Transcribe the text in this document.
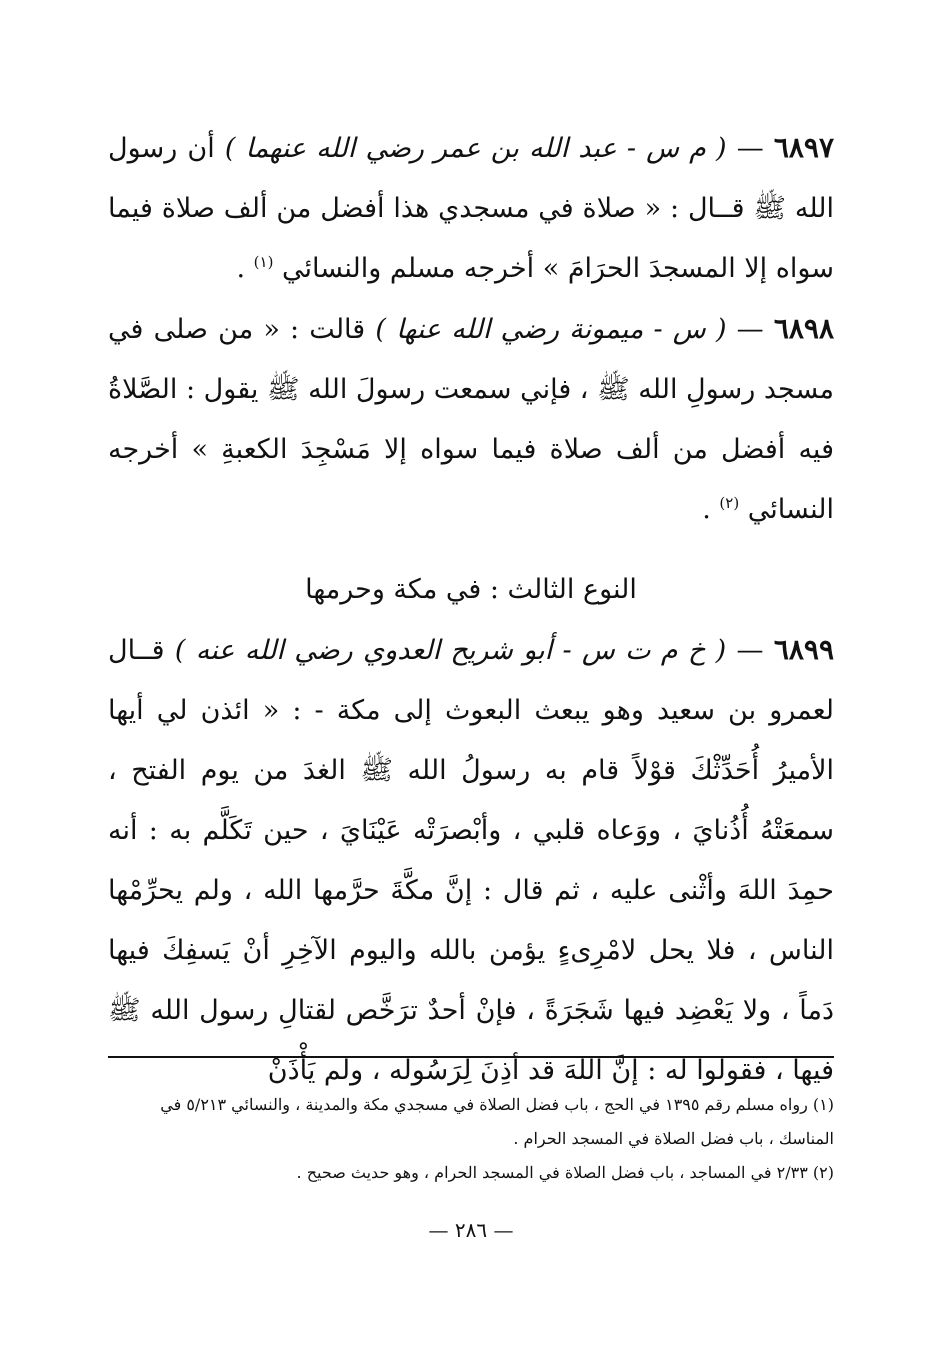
٦٨٩٧ — ( م س - عبد الله بن عمر رضي الله عنهما ) أن رسول الله ﷺ قــال : « صلاة في مسجدي هذا أفضل من ألف صلاة فيما سواه إلا المسجدَ الحرَامَ » أخرجه مسلم والنسائي $^{(١)}$ .

٦٨٩٨ — ( س - ميمونة رضي الله عنها ) قالت : « من صلى في مسجد رسولِ الله ﷺ ، فإني سمعت رسولَ الله ﷺ يقول : الصَّلاةُ فيه أفضل من ألف صلاة فيما سواه إلا مَسْجِدَ الكعبةِ » أخرجه النسائي $^{(٢)}$ .

النوع الثالث : في مكة وحرمها

٦٨٩٩ — ( خ م ت س - أبو شريح العدوي رضي الله عنه ) قــال لعمرو بن سعيد وهو يبعث البعوث إلى مكة - : « ائذن لي أيها الأميرُ أُحَدِّثْكَ قوْلاً قام به رسولُ الله ﷺ الغدَ من يوم الفتح ، سمعَتْهُ أُذُنايَ ، ووَعاه قلبي ، وأبْصرَتْه عَيْنَايَ ، حين تَكَلَّم به : أنه حمِدَ اللهَ وأثْنى عليه ، ثم قال : إنَّ مكَّةَ حرَّمها الله ، ولم يحرِّمْها الناس ، فلا يحل لامْرِىءٍ يؤمن بالله واليوم الآخِرِ أنْ يَسفِكَ فيها دَماً ، ولا يَعْضِد فيها شَجَرَةً ، فإنْ أحدٌ ترَخَّص لقتالِ رسول الله ﷺ فيها ، فقولوا له : إنَّ اللهَ قد أذِنَ لِرَسُوله ، ولم يَأْذَنْ

(١) رواه مسلم رقم ١٣٩٥ في الحج ، باب فضل الصلاة في مسجدي مكة والمدينة ، والنسائي ٥/٢١٣ في المناسك ، باب فضل الصلاة في المسجد الحرام .

(٢) ٢/٣٣ في المساجد ، باب فضل الصلاة في المسجد الحرام ، وهو حديث صحيح .

— ٢٨٦ —
